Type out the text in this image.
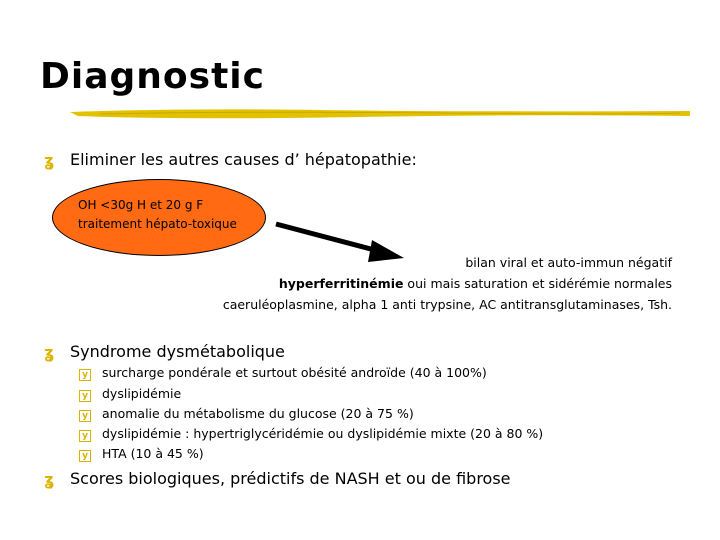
Diagnostic
ʓ Eliminer les autres causes d’ hépatopathie:
OH <30g H et 20 g F
traitement hépato-toxique
bilan viral et auto-immun négatif
hyperferritinémie oui mais saturation et sidérémie normales
caeruléoplasmine, alpha 1 anti trypsine, AC antitransglutaminases, Tsh.
ʓ Syndrome dysmétabolique
y surcharge pondérale et surtout obésité androïde (40 à 100%)
y dyslipidémie
y anomalie du métabolisme du glucose (20 à 75 %)
y dyslipidémie : hypertriglycéridémie ou dyslipidémie mixte (20 à 80 %)
y HTA (10 à 45 %)
ʓ Scores biologiques, prédictifs de NASH et ou de fibrose
